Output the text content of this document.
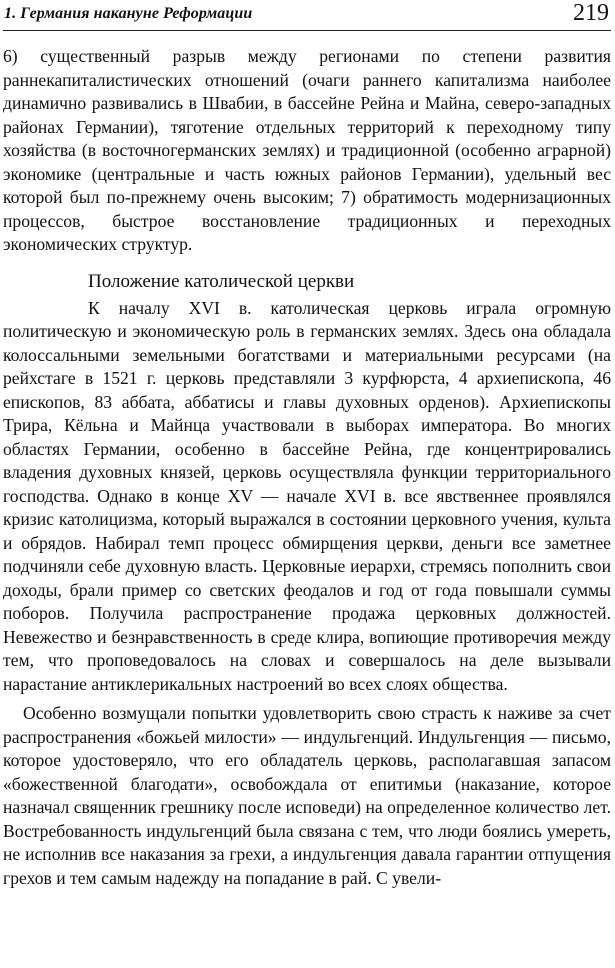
1. Германия накануне Реформации	219

6) существенный разрыв между регионами по степени развития раннекапиталистических отношений (очаги раннего капитализма наиболее динамично развивались в Швабии, в бассейне Рейна и Майна, северо-западных районах Германии), тяготение отдельных территорий к переходному типу хозяйства (в восточногерманских землях) и традиционной (особенно аграрной) экономике (центральные и часть южных районов Германии), удельный вес которой был по-прежнему очень высоким; 7) обратимость модернизационных процессов, быстрое восстановление традиционных и переходных экономических структур.

Положение католической церкви

К началу XVI в. католическая церковь играла огромную политическую и экономическую роль в германских землях. Здесь она обладала колоссальными земельными богатствами и материальными ресурсами (на рейхстаге в 1521 г. церковь представляли 3 курфюрста, 4 архиепископа, 46 епископов, 83 аббата, аббатисы и главы духовных орденов). Архиепископы Трира, Кёльна и Майнца участвовали в выборах императора. Во многих областях Германии, особенно в бассейне Рейна, где концентрировались владения духовных князей, церковь осуществляла функции территориального господства. Однако в конце XV — начале XVI в. все явственнее проявлялся кризис католицизма, который выражался в состоянии церковного учения, культа и обрядов. Набирал темп процесс обмирщения церкви, деньги все заметнее подчиняли себе духовную власть. Церковные иерархи, стремясь пополнить свои доходы, брали пример со светских феодалов и год от года повышали суммы поборов. Получила распространение продажа церковных должностей. Невежество и безнравственность в среде клира, вопиющие противоречия между тем, что проповедовалось на словах и совершалось на деле вызывали нарастание антиклерикальных настроений во всех слоях общества.

Особенно возмущали попытки удовлетворить свою страсть к наживе за счет распространения «божьей милости» — индульгенций. Индульгенция — письмо, которое удостоверяло, что его обладатель церковь, располагавшая запасом «божественной благодати», освобождала от епитимьи (наказание, которое назначал священник грешнику после исповеди) на определенное количество лет. Востребованность индульгенций была связана с тем, что люди боялись умереть, не исполнив все наказания за грехи, а индульгенция давала гарантии отпущения грехов и тем самым надежду на попадание в рай. С увели-
